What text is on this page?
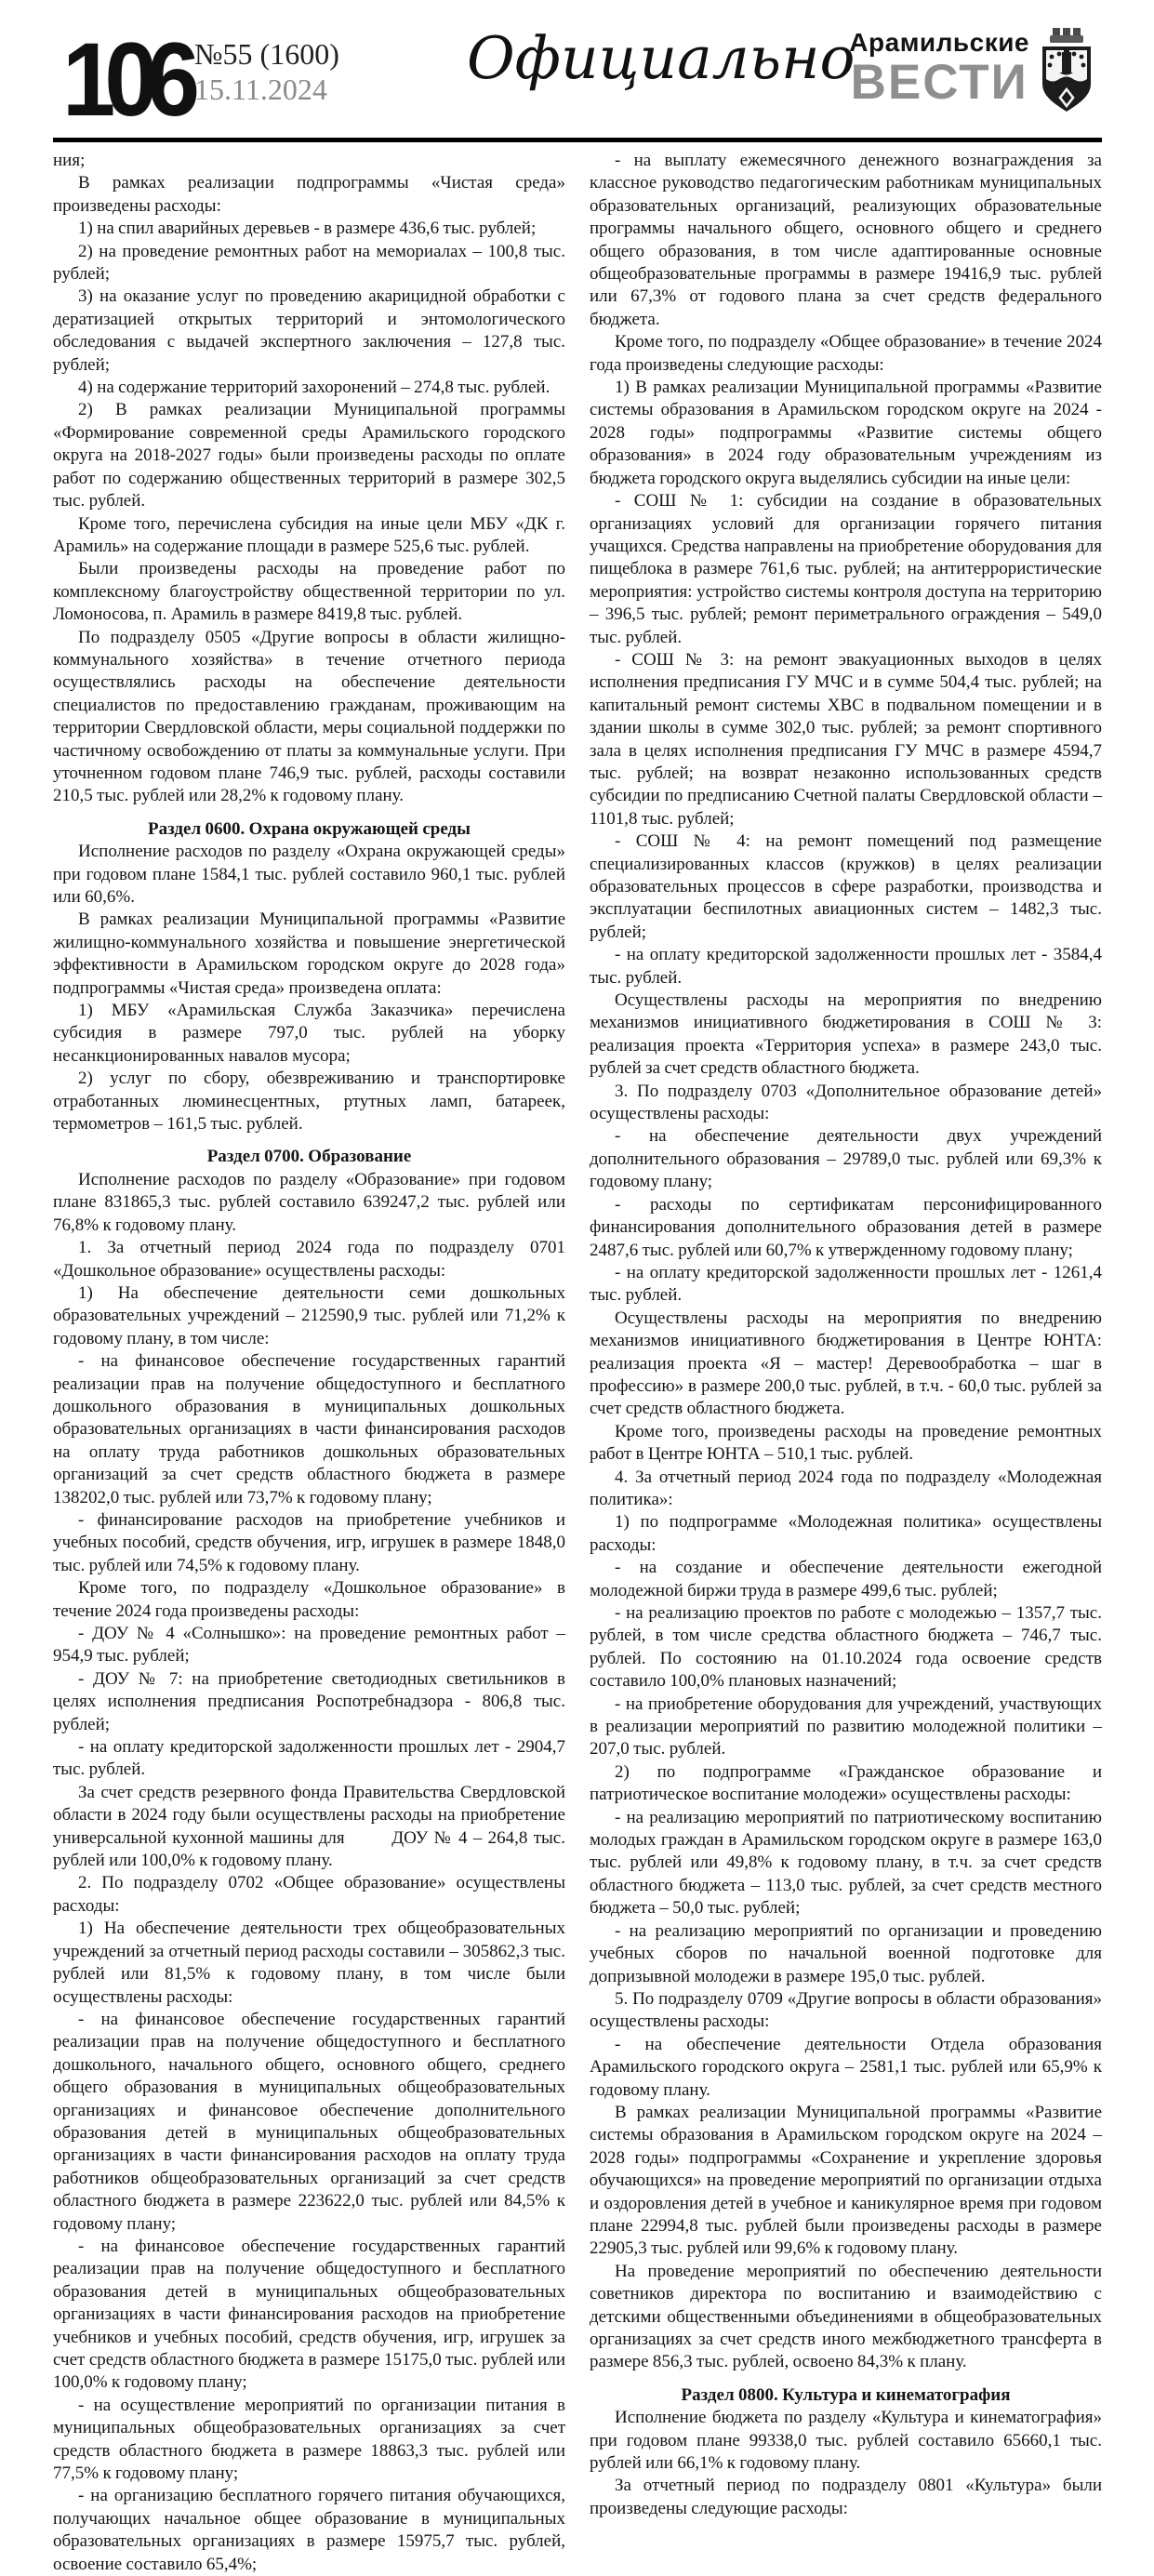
106 №55 (1600)
15.11.2024 Официально
Арамильские
ВЕСТИ

ния;

В рамках реализации подпрограммы «Чистая среда» произведены расходы:

1) на спил аварийных деревьев - в размере 436,6 тыс. рублей;

2) на проведение ремонтных работ на мемориалах – 100,8 тыс. рублей;

3) на оказание услуг по проведению акарицидной обработки с дератизацией открытых территорий и энтомологического обследования с выдачей экспертного заключения – 127,8 тыс. рублей;

4) на содержание территорий захоронений – 274,8 тыс. рублей.

2) В рамках реализации Муниципальной программы «Формирование современной среды Арамильского городского округа на 2018-2027 годы» были произведены расходы по оплате работ по содержанию общественных территорий в размере 302,5 тыс. рублей.

Кроме того, перечислена субсидия на иные цели МБУ «ДК г. Арамиль» на содержание площади в размере 525,6 тыс. рублей.

Были произведены расходы на проведение работ по комплексному благоустройству общественной территории по ул. Ломоносова, п. Арамиль в размере 8419,8 тыс. рублей.

По подразделу 0505 «Другие вопросы в области жилищно-коммунального хозяйства» в течение отчетного периода осуществлялись расходы на обеспечение деятельности специалистов по предоставлению гражданам, проживающим на территории Свердловской области, меры социальной поддержки по частичному освобождению от платы за коммунальные услуги. При уточненном годовом плане 746,9 тыс. рублей, расходы составили 210,5 тыс. рублей или 28,2% к годовому плану.

Раздел 0600. Охрана окружающей среды

Исполнение расходов по разделу «Охрана окружающей среды» при годовом плане 1584,1 тыс. рублей составило 960,1 тыс. рублей или 60,6%.

В рамках реализации Муниципальной программы «Развитие жилищно-коммунального хозяйства и повышение энергетической эффективности в Арамильском городском округе до 2028 года» подпрограммы «Чистая среда» произведена оплата:

1) МБУ «Арамильская Служба Заказчика» перечислена субсидия в размере 797,0 тыс. рублей на уборку несанкционированных навалов мусора;

2) услуг по сбору, обезвреживанию и транспортировке отработанных люминесцентных, ртутных ламп, батареек, термометров – 161,5 тыс. рублей.

Раздел 0700. Образование

Исполнение расходов по разделу «Образование» при годовом плане 831865,3 тыс. рублей составило 639247,2 тыс. рублей или 76,8% к годовому плану.

1. За отчетный период 2024 года по подразделу 0701 «Дошкольное образование» осуществлены расходы:

1) На обеспечение деятельности семи дошкольных образовательных учреждений – 212590,9 тыс. рублей или 71,2% к годовому плану, в том числе:

- на финансовое обеспечение государственных гарантий реализации прав на получение общедоступного и бесплатного дошкольного образования в муниципальных дошкольных образовательных организациях в части финансирования расходов на оплату труда работников дошкольных образовательных организаций за счет средств областного бюджета в размере 138202,0 тыс. рублей или 73,7% к годовому плану;

- финансирование расходов на приобретение учебников и учебных пособий, средств обучения, игр, игрушек в размере 1848,0 тыс. рублей или 74,5% к годовому плану.

Кроме того, по подразделу «Дошкольное образование» в течение 2024 года произведены расходы:

- ДОУ № 4 «Солнышко»: на проведение ремонтных работ – 954,9 тыс. рублей;

- ДОУ № 7: на приобретение светодиодных светильников в целях исполнения предписания Роспотребнадзора - 806,8 тыс. рублей;

- на оплату кредиторской задолженности прошлых лет - 2904,7 тыс. рублей.

За счет средств резервного фонда Правительства Свердловской области в 2024 году были осуществлены расходы на приобретение универсальной кухонной машины для        ДОУ № 4 – 264,8 тыс. рублей или 100,0% к годовому плану.

2. По подразделу 0702 «Общее образование» осуществлены расходы:

1) На обеспечение деятельности трех общеобразовательных учреждений за отчетный период расходы составили – 305862,3 тыс. рублей или 81,5% к годовому плану, в том числе были осуществлены расходы:

- на финансовое обеспечение государственных гарантий реализации прав на получение общедоступного и бесплатного дошкольного, начального общего, основного общего, среднего общего образования в муниципальных общеобразовательных организациях и финансовое обеспечение дополнительного образования детей в муниципальных общеобразовательных организациях в части финансирования расходов на оплату труда работников общеобразовательных организаций за счет средств областного бюджета в размере 223622,0 тыс. рублей или 84,5% к годовому плану;

- на финансовое обеспечение государственных гарантий реализации прав на получение общедоступного и бесплатного образования детей в муниципальных общеобразовательных организациях в части финансирования расходов на приобретение учебников и учебных пособий, средств обучения, игр, игрушек за счет средств областного бюджета в размере 15175,0 тыс. рублей или 100,0% к годовому плану;

- на осуществление мероприятий по организации питания в муниципальных общеобразовательных организациях за счет средств областного бюджета в размере 18863,3 тыс. рублей или 77,5% к годовому плану;

- на организацию бесплатного горячего питания обучающихся, получающих начальное общее образование в муниципальных образовательных организациях в размере 15975,7 тыс. рублей, освоение составило 65,4%;

- на выплату ежемесячного денежного вознаграждения за классное руководство педагогическим работникам муниципальных образовательных организаций, реализующих образовательные программы начального общего, основного общего и среднего общего образования, в том числе адаптированные основные общеобразовательные программы в размере 19416,9 тыс. рублей или 67,3% от годового плана за счет средств федерального бюджета.

Кроме того, по подразделу «Общее образование» в течение 2024 года произведены следующие расходы:

1) В рамках реализации Муниципальной программы «Развитие системы образования в Арамильском городском округе на 2024 - 2028 годы» подпрограммы «Развитие системы общего образования» в 2024 году образовательным учреждениям из бюджета городского округа выделялись субсидии на иные цели:

- СОШ № 1: субсидии на создание в образовательных организациях условий для организации горячего питания учащихся. Средства направлены на приобретение оборудования для пищеблока в размере 761,6 тыс. рублей; на антитеррористические мероприятия: устройство системы контроля доступа на территорию – 396,5 тыс. рублей; ремонт периметрального ограждения – 549,0 тыс. рублей.

- СОШ № 3: на ремонт эвакуационных выходов в целях исполнения предписания ГУ МЧС и в сумме 504,4 тыс. рублей; на капитальный ремонт системы ХВС в подвальном помещении и в здании школы в сумме 302,0 тыс. рублей; за ремонт спортивного зала в целях исполнения предписания ГУ МЧС в размере 4594,7 тыс. рублей; на возврат незаконно использованных средств субсидии по предписанию Счетной палаты Свердловской области – 1101,8 тыс. рублей;

- СОШ № 4: на ремонт помещений под размещение специализированных классов (кружков) в целях реализации образовательных процессов в сфере разработки, производства и эксплуатации беспилотных авиационных систем – 1482,3 тыс. рублей;

- на оплату кредиторской задолженности прошлых лет - 3584,4 тыс. рублей.

Осуществлены расходы на мероприятия по внедрению механизмов инициативного бюджетирования в СОШ № 3: реализация проекта «Территория успеха» в размере 243,0 тыс. рублей за счет средств областного бюджета.

3. По подразделу 0703 «Дополнительное образование детей» осуществлены расходы:

- на обеспечение деятельности двух учреждений дополнительного образования – 29789,0 тыс. рублей или 69,3% к годовому плану;

- расходы по сертификатам персонифицированного финансирования дополнительного образования детей в размере 2487,6 тыс. рублей или 60,7% к утвержденному годовому плану;

- на оплату кредиторской задолженности прошлых лет - 1261,4 тыс. рублей.

Осуществлены расходы на мероприятия по внедрению механизмов инициативного бюджетирования в Центре ЮНТА: реализация проекта «Я – мастер! Деревообработка – шаг в профессию» в размере 200,0 тыс. рублей, в т.ч. - 60,0 тыс. рублей за счет средств областного бюджета.

Кроме того, произведены расходы на проведение ремонтных работ в Центре ЮНТА – 510,1 тыс. рублей.

4. За отчетный период 2024 года по подразделу «Молодежная политика»:

1) по подпрограмме «Молодежная политика» осуществлены расходы:

- на создание и обеспечение деятельности ежегодной молодежной биржи труда в размере 499,6 тыс. рублей;

- на реализацию проектов по работе с молодежью – 1357,7 тыс. рублей, в том числе средства областного бюджета – 746,7 тыс. рублей. По состоянию на 01.10.2024 года освоение средств составило 100,0% плановых назначений;

- на приобретение оборудования для учреждений, участвующих в реализации мероприятий по развитию молодежной политики – 207,0 тыс. рублей.

2) по подпрограмме «Гражданское образование и патриотическое воспитание молодежи» осуществлены расходы:

- на реализацию мероприятий по патриотическому воспитанию молодых граждан в Арамильском городском округе в размере 163,0 тыс. рублей или 49,8% к годовому плану, в т.ч. за счет средств областного бюджета – 113,0 тыс. рублей, за счет средств местного бюджета – 50,0 тыс. рублей;

- на реализацию мероприятий по организации и проведению учебных сборов по начальной военной подготовке для допризывной молодежи в размере 195,0 тыс. рублей.

5. По подразделу 0709 «Другие вопросы в области образования» осуществлены расходы:

- на обеспечение деятельности Отдела образования Арамильского городского округа – 2581,1 тыс. рублей или 65,9% к годовому плану.

В рамках реализации Муниципальной программы «Развитие системы образования в Арамильском городском округе на 2024 – 2028 годы» подпрограммы «Сохранение и укрепление здоровья обучающихся» на проведение мероприятий по организации отдыха и оздоровления детей в учебное и каникулярное время при годовом плане 22994,8 тыс. рублей были произведены расходы в размере 22905,3 тыс. рублей или 99,6% к годовому плану.

На проведение мероприятий по обеспечению деятельности советников директора по воспитанию и взаимодействию с детскими общественными объединениями в общеобразовательных организациях за счет средств иного межбюджетного трансферта в размере 856,3 тыс. рублей, освоено 84,3% к плану.

Раздел 0800. Культура и кинематография

Исполнение бюджета по разделу «Культура и кинематография» при годовом плане 99338,0 тыс. рублей составило 65660,1 тыс. рублей или 66,1% к годовому плану.

За отчетный период по подразделу 0801 «Культура» были произведены следующие расходы:
